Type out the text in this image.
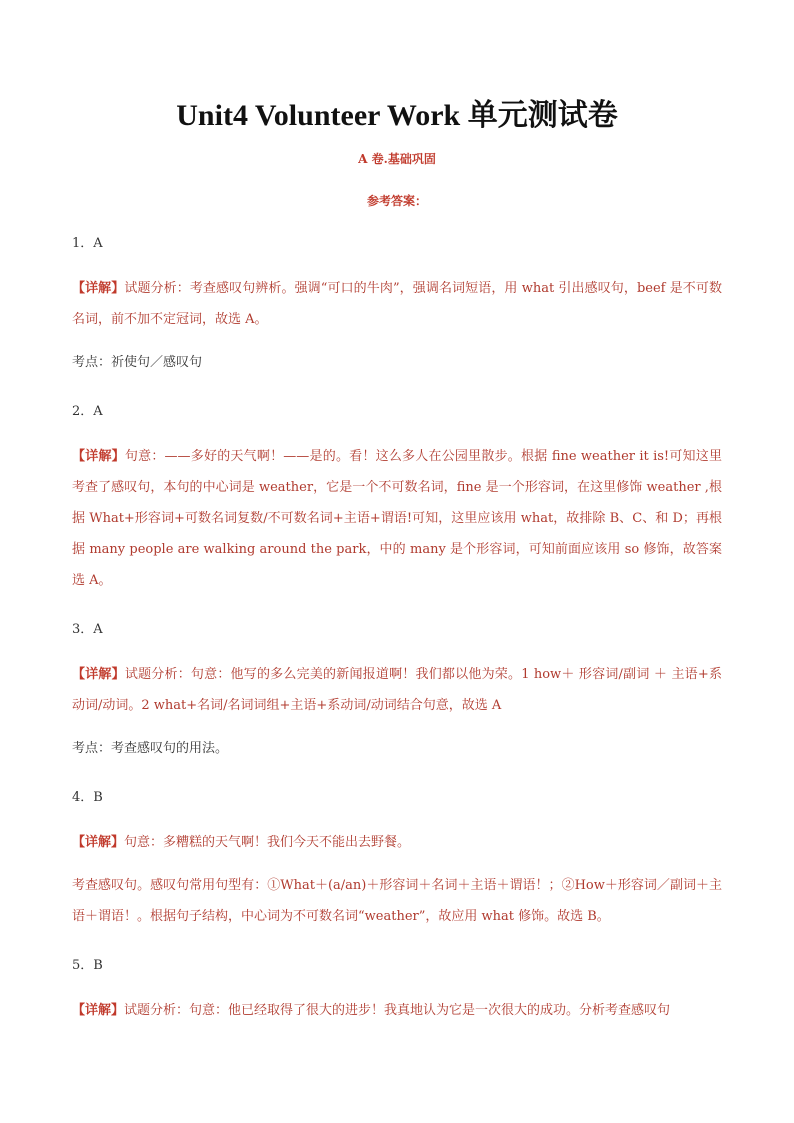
Unit4 Volunteer Work 单元测试卷
A 卷.基础巩固
参考答案：

1．A

【详解】试题分析：考查感叹句辨析。强调“可口的牛肉”，强调名词短语，用 what 引出感叹句，beef 是不可数名词，前不加不定冠词，故选 A。

考点：祈使句／感叹句

2．A

【详解】句意：——多好的天气啊！——是的。看！这么多人在公园里散步。根据 fine weather it is!可知这里考查了感叹句，本句的中心词是 weather，它是一个不可数名词，fine 是一个形容词，在这里修饰 weather ,根据 What+形容词+可数名词复数/不可数名词+主语+谓语!可知，这里应该用 what，故排除 B、C、和 D；再根据 many people are walking around the park，中的 many 是个形容词，可知前面应该用 so 修饰，故答案选 A。

3．A

【详解】试题分析：句意：他写的多么完美的新闻报道啊！我们都以他为荣。1 how＋ 形容词/副词 ＋ 主语+系动词/动词。2 what+名词/名词词组+主语+系动词/动词结合句意，故选 A

考点：考查感叹句的用法。

4．B

【详解】句意：多糟糕的天气啊！我们今天不能出去野餐。

考查感叹句。感叹句常用句型有：①What＋(a/an)＋形容词＋名词＋主语＋谓语！；②How＋形容词／副词＋主语＋谓语！。根据句子结构，中心词为不可数名词“weather”，故应用 what 修饰。故选 B。

5．B

【详解】试题分析：句意：他已经取得了很大的进步！我真地认为它是一次很大的成功。分析考查感叹句
